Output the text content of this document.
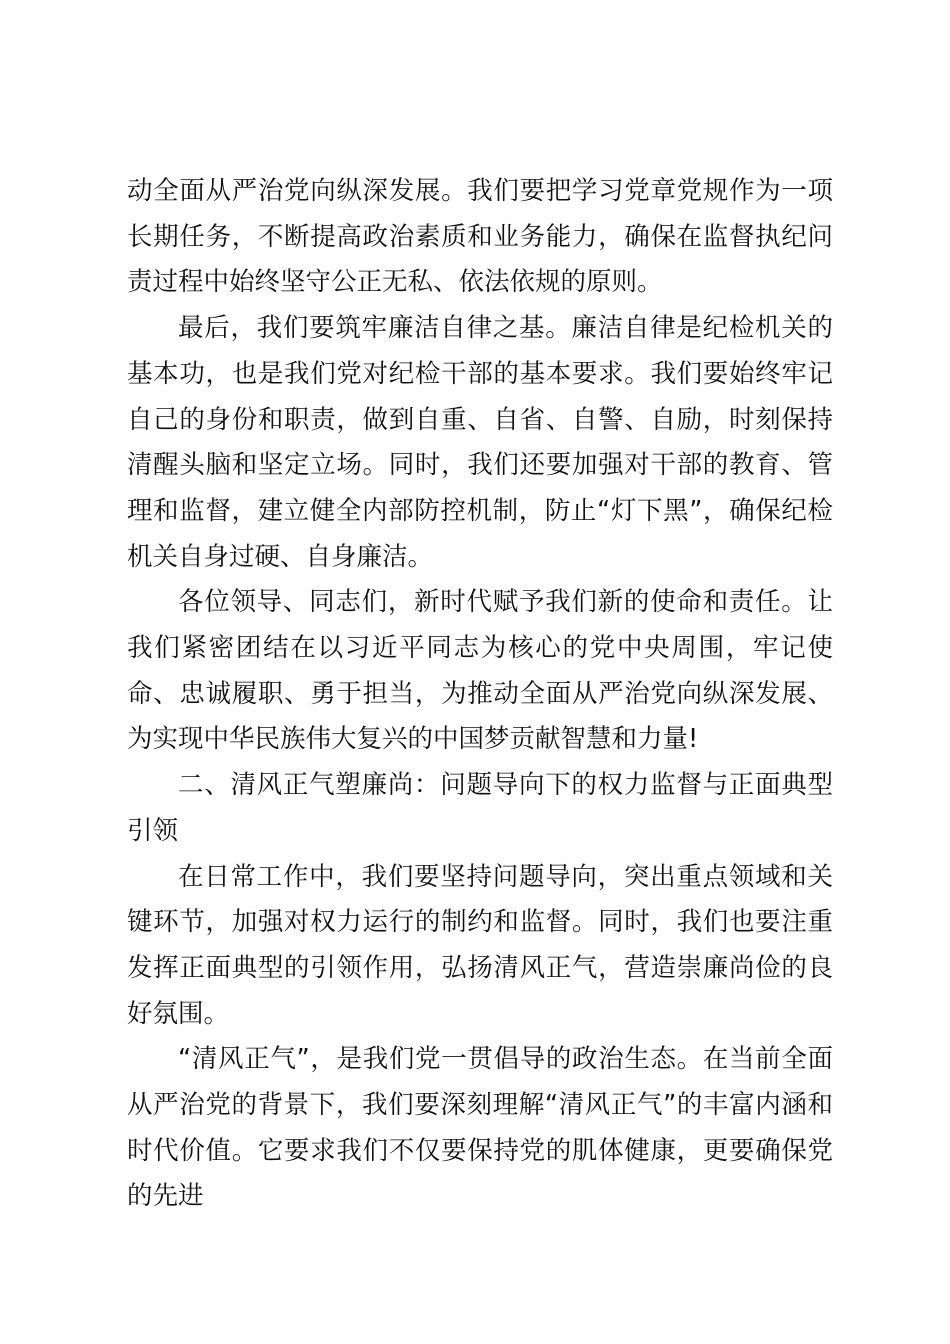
动全面从严治党向纵深发展。我们要把学习党章党规作为一项长期任务，不断提高政治素质和业务能力，确保在监督执纪问责过程中始终坚守公正无私、依法依规的原则。

最后，我们要筑牢廉洁自律之基。廉洁自律是纪检机关的基本功，也是我们党对纪检干部的基本要求。我们要始终牢记自己的身份和职责，做到自重、自省、自警、自励，时刻保持清醒头脑和坚定立场。同时，我们还要加强对干部的教育、管理和监督，建立健全内部防控机制，防止“灯下黑”，确保纪检机关自身过硬、自身廉洁。

各位领导、同志们，新时代赋予我们新的使命和责任。让我们紧密团结在以习近平同志为核心的党中央周围，牢记使命、忠诚履职、勇于担当，为推动全面从严治党向纵深发展、为实现中华民族伟大复兴的中国梦贡献智慧和力量!

二、清风正气塑廉尚：问题导向下的权力监督与正面典型引领

在日常工作中，我们要坚持问题导向，突出重点领域和关键环节，加强对权力运行的制约和监督。同时，我们也要注重发挥正面典型的引领作用，弘扬清风正气，营造崇廉尚俭的良好氛围。

“清风正气”，是我们党一贯倡导的政治生态。在当前全面从严治党的背景下，我们要深刻理解“清风正气”的丰富内涵和时代价值。它要求我们不仅要保持党的肌体健康，更要确保党的先进
